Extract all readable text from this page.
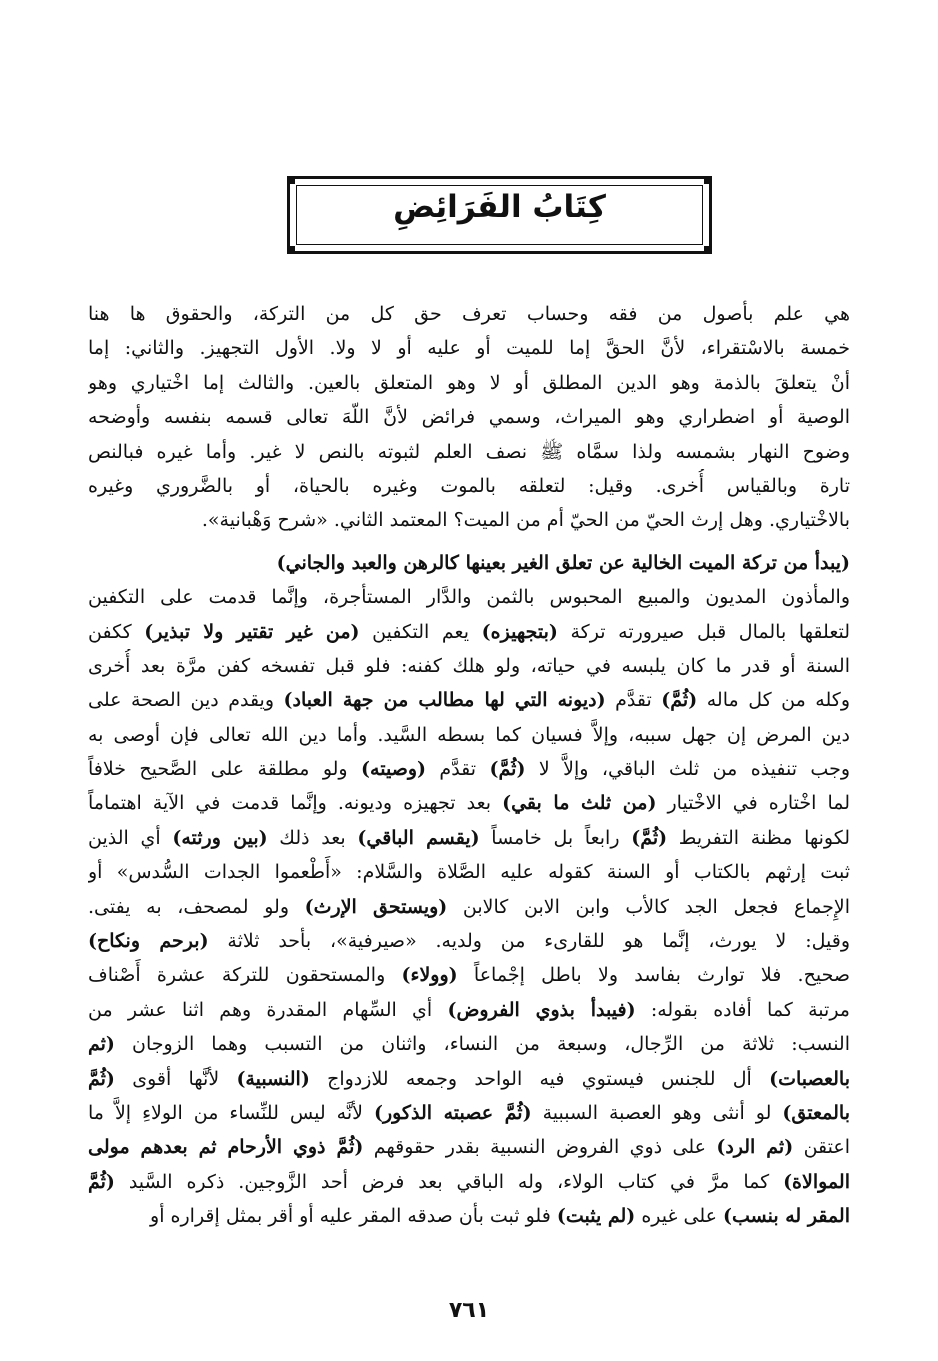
كِتَابُ الفَرَائِضِ
هي علم بأصول من فقه وحساب تعرف حق كل من التركة، والحقوق ها هنا
خمسة بالاسْتقراء، لأنَّ الحقَّ إما للميت أو عليه أو لا ولا. الأول التجهيز. والثاني: إما
أنْ يتعلقَ بالذمة وهو الدين المطلق أو لا وهو المتعلق بالعين. والثالث إما اخْتياري وهو
الوصية أو اضطراري وهو الميراث، وسمي فرائض لأنَّ اللّهَ تعالى قسمه بنفسه وأوضحه
وضوح النهار بشمسه ولذا سمَّاه ﷺ نصف العلم لثبوته بالنص لا غير. وأما غيره فبالنص
تارة وبالقياس أُخرى. وقيل: لتعلقه بالموت وغيره بالحياة، أو بالضَّروري وغيره
بالاخْتياري. وهل إرث الحيّ من الحيّ أم من الميت؟ المعتمد الثاني. «شرح وَهْبانية».
(يبدأ من تركة الميت الخالية عن تعلق الغير بعينها كالرهن والعبد والجاني)
والمأذون المديون والمبيع المحبوس بالثمن والدَّار المستأجرة، وإنَّما قدمت على التكفين
لتعلقها بالمال قبل صيرورته تركة (بتجهيزه) يعم التكفين (من غير تقتير ولا تبذير) ككفن
السنة أو قدر ما كان يلبسه في حياته، ولو هلك كفنه: فلو قبل تفسخه كفن مرَّة بعد أُخرى
وكله من كل ماله (ثُمَّ) تقدَّم (ديونه التي لها مطالب من جهة العباد) ويقدم دين الصحة على
دين المرض إن جهل سببه، وإلاَّ فسيان كما بسطه السَّيد. وأما دين الله تعالى فإن أوصى به
وجب تنفيذه من ثلث الباقي، وإلاَّ لا (ثُمَّ) تقدَّم (وصيته) ولو مطلقة على الصَّحيح خلافاً
لما اخْتاره في الاخْتيار (من ثلث ما بقي) بعد تجهيزه وديونه. وإنَّما قدمت في الآية اهتماماً
لكونها مظنة التفريط (ثُمَّ) رابعاً بل خامساً (يقسم الباقي) بعد ذلك (بين ورثته) أي الذين
ثبت إرثهم بالكتاب أو السنة كقوله عليه الصَّلاة والسَّلام: «أَطْعموا الجدات السُّدس» أو
الإِجماع فجعل الجد كالأب وابن الابن كالابن (ويستحق الإرث) ولو لمصحف، به يفتى.
وقيل: لا يورث، إنَّما هو للقارىء من ولديه. «صيرفية»، بأحد ثلاثة (برحم ونكاح)
صحيح. فلا توارث بفاسد ولا باطل إجْماعاً (وولاء) والمستحقون للتركة عشرة أَصْناف
مرتبة كما أفاده بقوله: (فيبدأ بذوي الفروض) أي السِّهام المقدرة وهم اثنا عشر من
النسب: ثلاثة من الرِّجال، وسبعة من النساء، واثنان من التسبب وهما الزوجان (ثم
بالعصبات) أل للجنس فيستوي فيه الواحد وجمعه للازدواج (النسبية) لأنَّها أقوى (ثُمَّ
بالمعتق) لو أنثى وهو العصبة السببية (ثُمَّ عصبته الذكور) لأنَّه ليس للنِّساء من الولاءِ إلاَّ ما
اعتقن (ثم الرد) على ذوي الفروض النسبية بقدر حقوقهم (ثُمَّ ذوي الأرحام ثم بعدهم مولى
الموالاة) كما مرَّ في كتاب الولاء، وله الباقي بعد فرض أحد الزَّوجين. ذكره السَّيد (ثُمَّ
المقر له بنسب) على غيره (لم يثبت) فلو ثبت بأن صدقه المقر عليه أو أقر بمثل إقراره أو
٧٦١
